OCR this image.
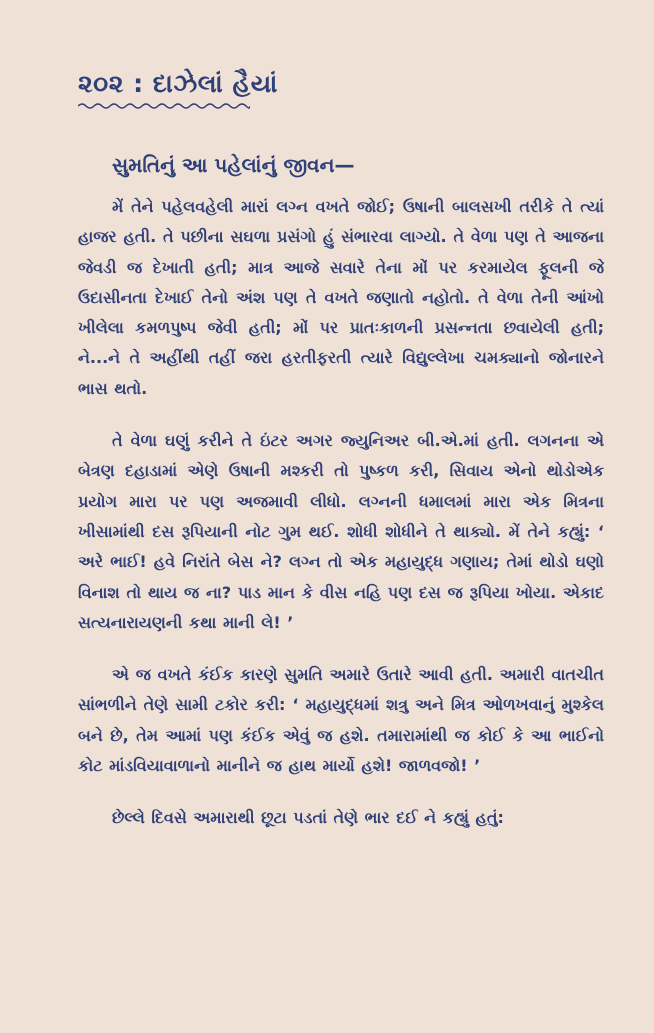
૨૦૨ : દાઝેલાં હૈયાં
સુમતિનું આ પહેલાંનું જીવન—

મેં તેને પહેલવહેલી મારાં લગ્ન વખતે જોઈ; ઉષાની બાલસખી તરીકે તે ત્યાં હાજર હતી. તે પછીના સઘળા પ્રસંગો હું સંભારવા લાગ્યો. તે વેળા પણ તે આજના જેવડી જ દેખાતી હતી; માત્ર આજે સવારે તેના મોં પર કરમાયેલ ફૂલની જે ઉદાસીનતા દેખાઈ તેનો અંશ પણ તે વખતે જણાતો નહોતો. તે વેળા તેની આંખો ખીલેલા કમળપુષ્પ જેવી હતી; મોં પર પ્રાતઃકાળની પ્રસન્નતા છવાયેલી હતી; ને...ને તે અહીંથી તહીં જરા હરતીફરતી ત્યારે વિદ્યુલ્લેખા ચમક્યાનો જોનારને ભાસ થતો.

તે વેળા ઘણું કરીને તે ઇંટર અગર જ્યુનિઅર બી.એ.માં હતી. લગનના એ બેત્રણ દહાડામાં એણે ઉષાની મશ્કરી તો પુષ્કળ કરી, સિવાય એનો થોડોએક પ્રયોગ મારા પર પણ અજમાવી લીધો. લગ્નની ધમાલમાં મારા એક મિત્રના ખીસામાંથી દસ રૂપિયાની નોટ ગુમ થઈ. શોધી શોધીને તે થાક્યો. મેં તેને કહ્યું: ‘ અરે ભાઈ! હવે નિરાંતે બેસ ને? લગ્ન તો એક મહાયુદ્ધ ગણાય; તેમાં થોડો ઘણો વિનાશ તો થાય જ ના? પાડ માન કે વીસ નહિ પણ દસ જ રૂપિયા ખોયા. એકાદ સત્યનારાયણની કથા માની લે! ’

એ જ વખતે કંઈક કારણે સુમતિ અમારે ઉતારે આવી હતી. અમારી વાતચીત સાંભળીને તેણે સામી ટકોર કરી: ‘ મહાયુદ્ધમાં શત્રુ અને મિત્ર ઓળખવાનું મુશ્કેલ બને છે, તેમ આમાં પણ કંઈક એવું જ હશે. તમારામાંથી જ કોઈ કે આ ભાઈનો કોટ માંડવિયાવાળાનો માનીને જ હાથ માર્યો હશે! જાળવજો! ’

છેલ્લે દિવસે અમારાથી છૂટા પડતાં તેણે ભાર દઈ ને કહ્યું હતું:
